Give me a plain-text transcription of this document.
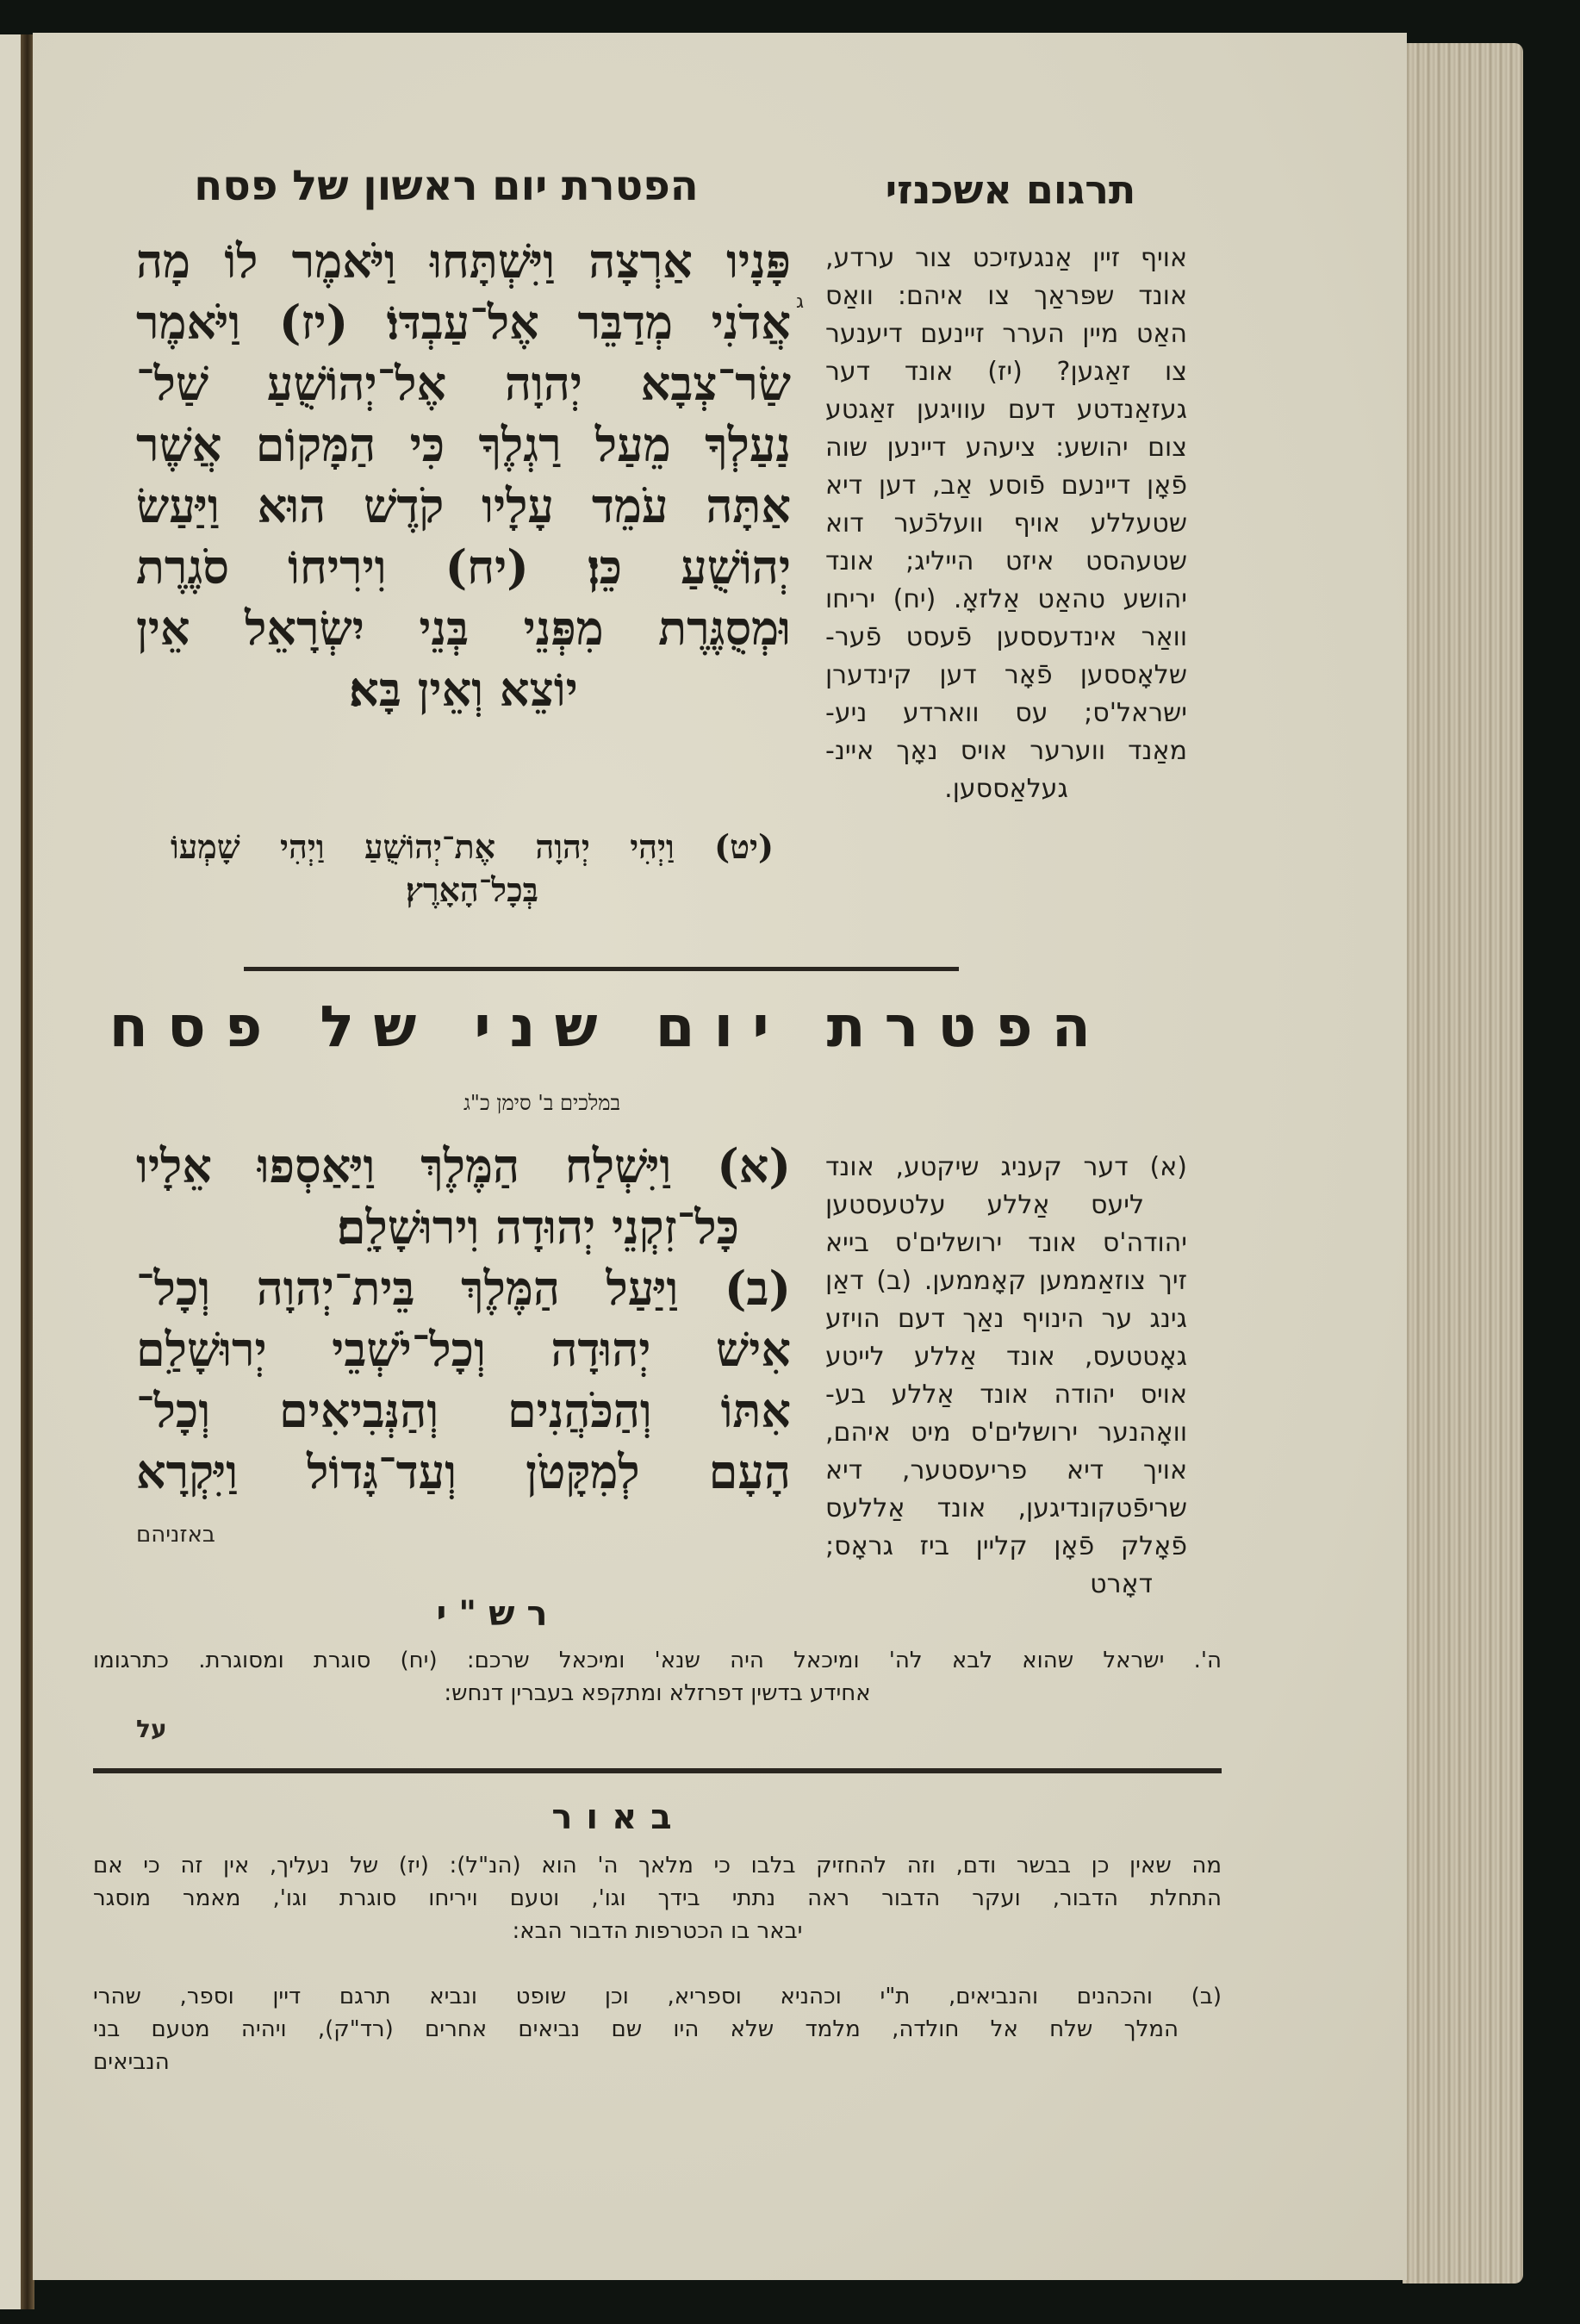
תרגום אשכנזי
הפטרת יום ראשון של פסח
פָּנָיו אַרְצָה וַיִּשְׁתָּחוּ וַיֹּאמֶר לוֹ מָה
אֲדֹנִי מְדַבֵּר אֶל־עַבְדּוֹ׃ (יז) וַיֹּאמֶר
שַׂר־צְבָא יְהוָה אֶל־יְהוֹשֻׁעַ שַׁל־
נַעַלְךָ מֵעַל רַגְלֶךָ כִּי הַמָּקוֹם אֲשֶׁר
אַתָּה עֹמֵד עָלָיו קֹדֶשׁ הוּא וַיַּעַשׂ
יְהוֹשֻׁעַ כֵּן׃ (יח) וִירִיחוֹ סֹגֶרֶת
וּמְסֻגֶּרֶת מִפְּנֵי בְּנֵי יִשְׂרָאֵל אֵין
יוֹצֵא וְאֵין בָּא׃
(יט) וַיְהִי יְהוָה אֶת־יְהוֹשֻׁעַ וַיְהִי שָׁמְעוֹ
בְּכָל־הָאָרֶץ׃
אויף זיין אַנגעזיכט צור ערדע,
אונד שפּראַך צו איהם: וואַס
האַט מיין הערר זיינעם דיענער
צו זאַגען? (יז) אונד דער
געזאַנדטע דעם עוויגען זאַגטע
צום יהושע: ציעהע דיינען שוה
פֿאָן דיינעם פֿוסע אַב, דען דיא
שטעללע אויף וועלכֿער דוא
שטעהסט איזט הייליג; אונד
יהושע טהאַט אַלזאָ. (יח) יריחו
וואַר אינדעססען פֿעסט פֿער-
שלאָססען פֿאָר דען קינדערן
ישראל'ס; עס ווארדע ניע-
מאַנד ווערער אויס נאָך איינ-
געלאַססען.
ג
הפטרת יום שני של פסח
במלכים ב' סימן כ"ג
(א) וַיִּשְׁלַח הַמֶּלֶךְ וַיַּאַסְפוּ אֵלָיו
כָּל־זִקְנֵי יְהוּדָה וִירוּשָׁלִָם׃
(ב) וַיַּעַל הַמֶּלֶךְ בֵּית־יְהוָה וְכָל־
אִישׁ יְהוּדָה וְכָל־יֹשְׁבֵי יְרוּשָׁלִַם
אִתּוֹ וְהַכֹּהֲנִים וְהַנְּבִיאִים וְכָל־
הָעָם לְמִקָּטֹן וְעַד־גָּדוֹל וַיִּקְרָא
באזניהם
(א) דער קעניג שיקטע, אונד
ליעס אַללע עלטעסטען
יהודה'ס אונד ירושלים'ס בייא
זיך צוזאַממען קאָממען. (ב) דאַן
גינג ער הינויף נאַך דעם הויזע
גאָטטעס, אונד אַללע לייטע
אויס יהודה אונד אַללע בע-
וואָהנער ירושלים'ס מיט איהם,
אויך דיא פריעסטער, דיא
שריפֿטקונדיגען, אונד אַללעס
פֿאָלק פֿאָן קליין ביז גראָס;
דאָרט
רש"י
ה'. ישראל שהוא לבא לה' ומיכאל היה שנא' ומיכאל שרכם: (יח) סוגרת ומסוגרת. כתרגומו
אחידע בדשין דפרזלא ומתקפא בעברין דנחש:
על
באור
מה שאין כן בבשר ודם, וזה להחזיק בלבו כי מלאך ה' הוא (הנ"ל): (יז) של נעליך, אין זה כי אם
התחלת הדבור, ועקר הדבור ראה נתתי בידך וגו', וטעם ויריחו סוגרת וגו', מאמר מוסגר
יבאר בו הכטרפות הדבור הבא:
(ב) והכהנים והנביאים, ת"י וכהניא וספריא, וכן שופט ונביא תרגם דיין וספר, שהרי
המלך שלח אל חולדה, מלמד שלא היו שם נביאים אחרים (רד"ק), ויהיה מטעם בני
הנביאים
